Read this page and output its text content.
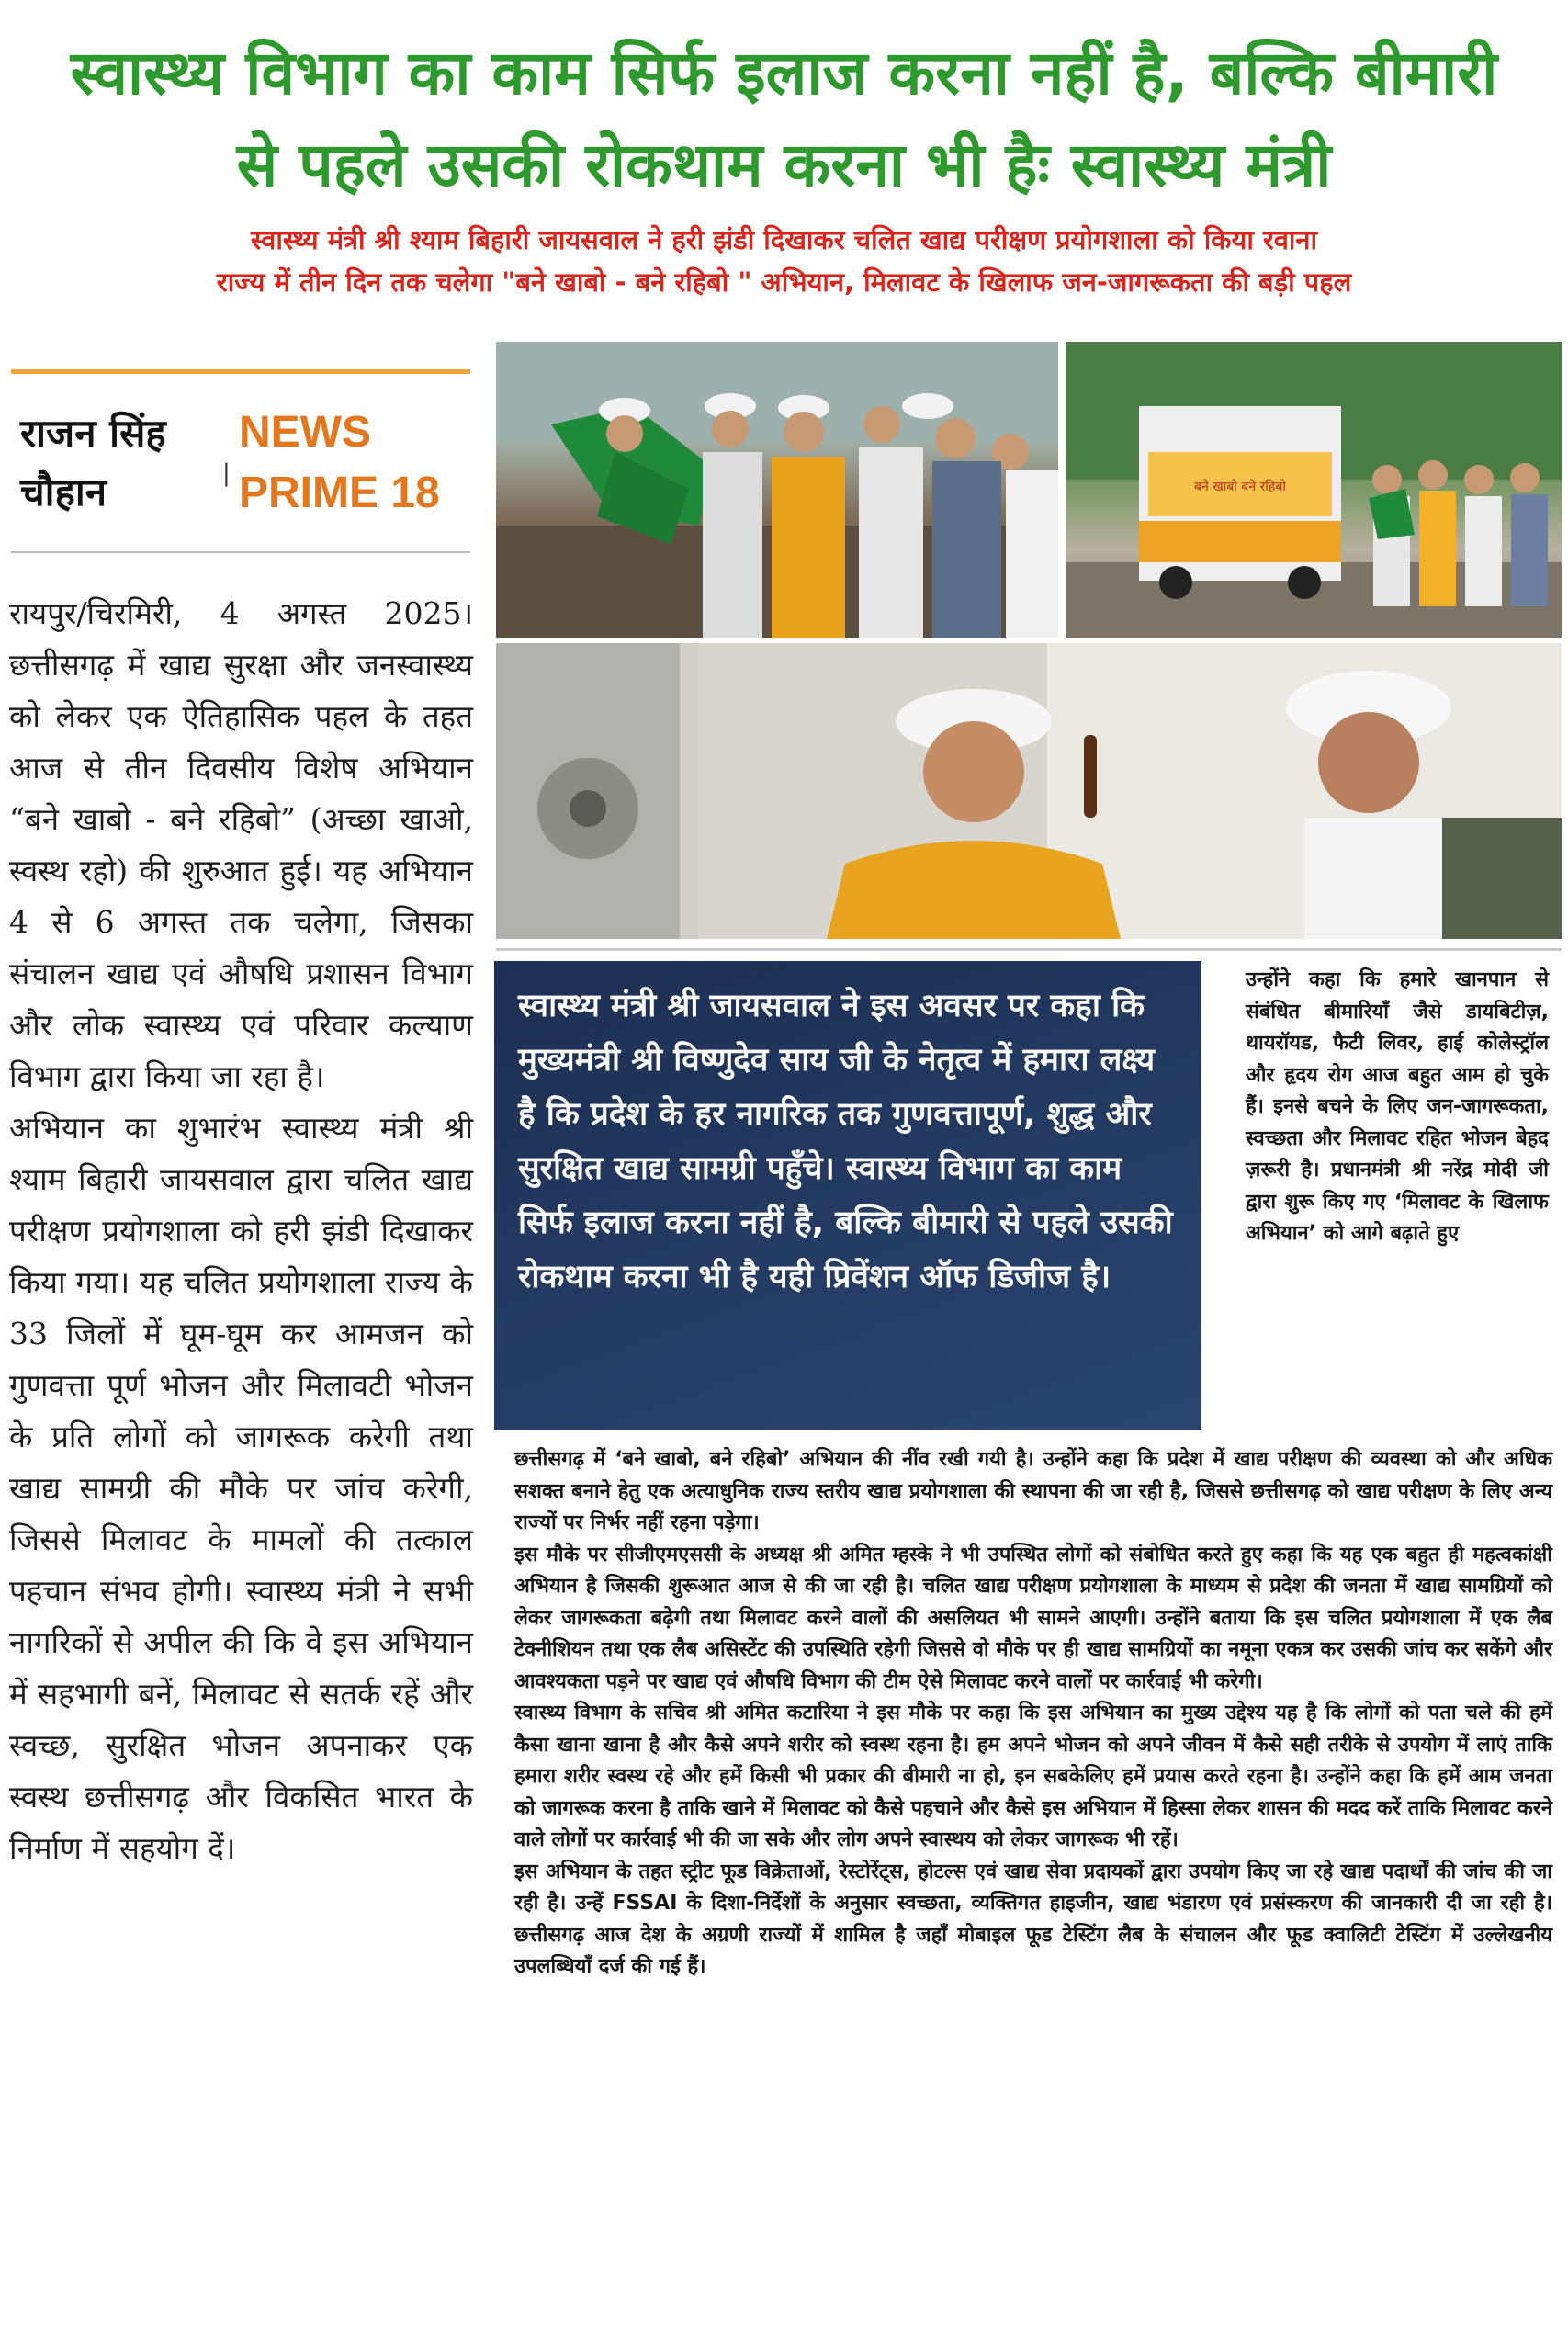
स्वास्थ्य विभाग का काम सिर्फ इलाज करना नहीं है, बल्कि बीमारी
से पहले उसकी रोकथाम करना भी हैः स्वास्थ्य मंत्री
स्वास्थ्य मंत्री श्री श्याम बिहारी जायसवाल ने हरी झंडी दिखाकर चलित खाद्य परीक्षण प्रयोगशाला को किया रवाना
राज्य में तीन दिन तक चलेगा "बने खाबो - बने रहिबो " अभियान, मिलावट के खिलाफ जन-जागरूकता की बड़ी पहल
राजन सिंह चौहान	|
NEWS PRIME 18

रायपुर/चिरमिरी, 4 अगस्त 2025। छत्तीसगढ़ में खाद्य सुरक्षा और जनस्वास्थ्य को लेकर एक ऐतिहासिक पहल के तहत आज से तीन दिवसीय विशेष अभियान “बने खाबो - बने रहिबो” (अच्छा खाओ, स्वस्थ रहो) की शुरुआत हुई। यह अभियान 4 से 6 अगस्त तक चलेगा, जिसका संचालन खाद्य एवं औषधि प्रशासन विभाग और लोक स्वास्थ्य एवं परिवार कल्याण विभाग द्वारा किया जा रहा है।

अभियान का शुभारंभ स्वास्थ्य मंत्री श्री श्याम बिहारी जायसवाल द्वारा चलित खाद्य परीक्षण प्रयोगशाला को हरी झंडी दिखाकर किया गया। यह चलित प्रयोगशाला राज्य के 33 जिलों में घूम-घूम कर आमजन को गुणवत्ता पूर्ण भोजन और मिलावटी भोजन के प्रति लोगों को जागरूक करेगी तथा खाद्य सामग्री की मौके पर जांच करेगी, जिससे मिलावट के मामलों की तत्काल पहचान संभव होगी। स्वास्थ्य मंत्री ने सभी नागरिकों से अपील की कि वे इस अभियान में सहभागी बनें, मिलावट से सतर्क रहें और स्वच्छ, सुरक्षित भोजन अपनाकर एक स्वस्थ छत्तीसगढ़ और विकसित भारत के निर्माण में सहयोग दें।

बने खाबो बने रहिबो
स्वास्थ्य मंत्री श्री जायसवाल ने इस अवसर पर कहा कि मुख्यमंत्री श्री विष्णुदेव साय जी के नेतृत्व में हमारा लक्ष्य है कि प्रदेश के हर नागरिक तक गुणवत्तापूर्ण, शुद्ध और सुरक्षित खाद्य सामग्री पहुँचे। स्वास्थ्य विभाग का काम सिर्फ इलाज करना नहीं है, बल्कि बीमारी से पहले उसकी रोकथाम करना भी है यही प्रिवेंशन ऑफ डिजीज है।
उन्होंने कहा कि हमारे खानपान से संबंधित बीमारियाँ जैसे डायबिटीज़, थायरॉयड, फैटी लिवर, हाई कोलेस्ट्रॉल और हृदय रोग आज बहुत आम हो चुके हैं। इनसे बचने के लिए जन-जागरूकता, स्वच्छता और मिलावट रहित भोजन बेहद ज़रूरी है। प्रधानमंत्री श्री नरेंद्र मोदी जी द्वारा शुरू किए गए ‘मिलावट के खिलाफ अभियान’ को आगे बढ़ाते हुए

छत्तीसगढ़ में ‘बने खाबो, बने रहिबो’ अभियान की नींव रखी गयी है। उन्होंने कहा कि प्रदेश में खाद्य परीक्षण की व्यवस्था को और अधिक सशक्त बनाने हेतु एक अत्याधुनिक राज्य स्तरीय खाद्य प्रयोगशाला की स्थापना की जा रही है, जिससे छत्तीसगढ़ को खाद्य परीक्षण के लिए अन्य राज्यों पर निर्भर नहीं रहना पड़ेगा।

इस मौके पर सीजीएमएससी के अध्यक्ष श्री अमित म्हस्के ने भी उपस्थित लोगों को संबोधित करते हुए कहा कि यह एक बहुत ही महत्वकांक्षी अभियान है जिसकी शुरूआत आज से की जा रही है। चलित खाद्य परीक्षण प्रयोगशाला के माध्यम से प्रदेश की जनता में खाद्य सामग्रियों को लेकर जागरूकता बढ़ेगी तथा मिलावट करने वालों की असलियत भी सामने आएगी। उन्होंने बताया कि इस चलित प्रयोगशाला में एक लैब टेक्नीशियन तथा एक लैब असिस्टेंट की उपस्थिति रहेगी जिससे वो मौके पर ही खाद्य सामग्रियों का नमूना एकत्र कर उसकी जांच कर सकेंगे और आवश्यकता पड़ने पर खाद्य एवं औषधि विभाग की टीम ऐसे मिलावट करने वालों पर कार्रवाई भी करेगी।

स्वास्थ्य विभाग के सचिव श्री अमित कटारिया ने इस मौके पर कहा कि इस अभियान का मुख्य उद्देश्य यह है कि लोगों को पता चले की हमें कैसा खाना खाना है और कैसे अपने शरीर को स्वस्थ रहना है। हम अपने भोजन को अपने जीवन में कैसे सही तरीके से उपयोग में लाएं ताकि हमारा शरीर स्वस्थ रहे और हमें किसी भी प्रकार की बीमारी ना हो, इन सबकेलिए हमें प्रयास करते रहना है। उन्होंने कहा कि हमें आम जनता को जागरूक करना है ताकि खाने में मिलावट को कैसे पहचाने और कैसे इस अभियान में हिस्सा लेकर शासन की मदद करें ताकि मिलावट करने वाले लोगों पर कार्रवाई भी की जा सके और लोग अपने स्वास्थय को लेकर जागरूक भी रहें।

इस अभियान के तहत स्ट्रीट फूड विक्रेताओं, रेस्टोरेंट्स, होटल्स एवं खाद्य सेवा प्रदायकों द्वारा उपयोग किए जा रहे खाद्य पदार्थों की जांच की जा रही है। उन्हें FSSAI के दिशा-निर्देशों के अनुसार स्वच्छता, व्यक्तिगत हाइजीन, खाद्य भंडारण एवं प्रसंस्करण की जानकारी दी जा रही है। छत्तीसगढ़ आज देश के अग्रणी राज्यों में शामिल है जहाँ मोबाइल फूड टेस्टिंग लैब के संचालन और फूड क्वालिटी टेस्टिंग में उल्लेखनीय उपलब्धियाँ दर्ज की गई हैं।
